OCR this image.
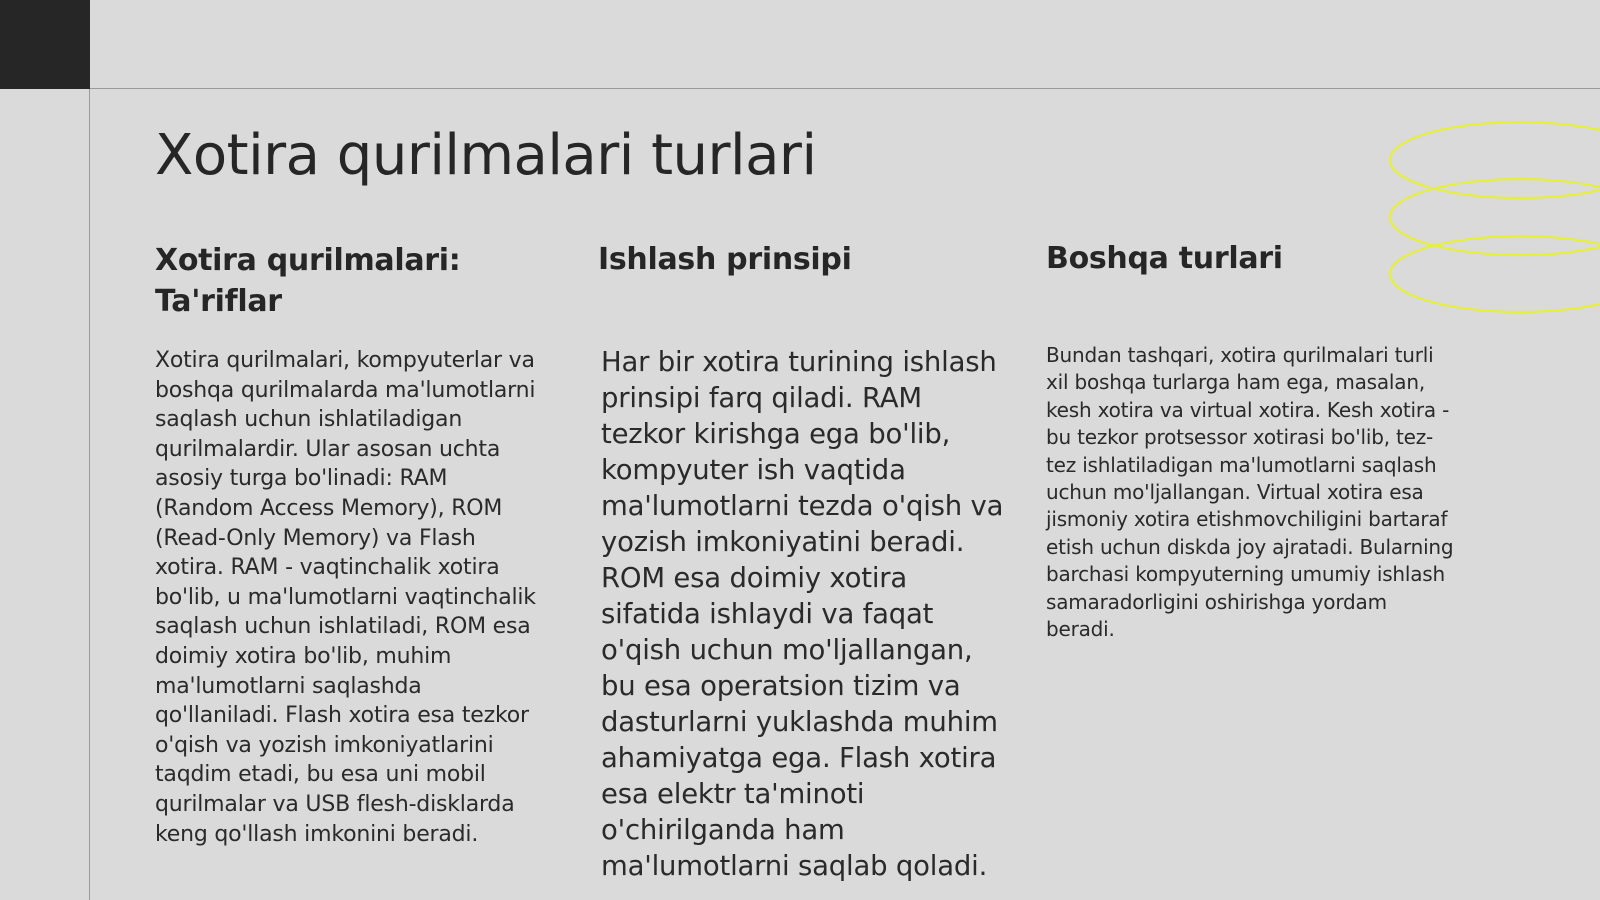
Xotira qurilmalari turlari
Xotira qurilmalari: Ta'riflar

Xotira qurilmalari, kompyuterlar va boshqa qurilmalarda ma'lumotlarni saqlash uchun ishlatiladigan qurilmalardir. Ular asosan uchta asosiy turga bo'linadi: RAM (Random Access Memory), ROM (Read-Only Memory) va Flash xotira. RAM - vaqtinchalik xotira bo'lib, u ma'lumotlarni vaqtinchalik saqlash uchun ishlatiladi, ROM esa doimiy xotira bo'lib, muhim ma'lumotlarni saqlashda qo'llaniladi. Flash xotira esa tezkor o'qish va yozish imkoniyatlarini taqdim etadi, bu esa uni mobil qurilmalar va USB flesh-disklarda keng qo'llash imkonini beradi.

Ishlash prinsipi

Har bir xotira turining ishlash prinsipi farq qiladi. RAM tezkor kirishga ega bo'lib, kompyuter ish vaqtida ma'lumotlarni tezda o'qish va yozish imkoniyatini beradi. ROM esa doimiy xotira sifatida ishlaydi va faqat o'qish uchun mo'ljallangan, bu esa operatsion tizim va dasturlarni yuklashda muhim ahamiyatga ega. Flash xotira esa elektr ta'minoti o'chirilganda ham ma'lumotlarni saqlab qoladi.

Boshqa turlari

Bundan tashqari, xotira qurilmalari turli xil boshqa turlarga ham ega, masalan, kesh xotira va virtual xotira. Kesh xotira - bu tezkor protsessor xotirasi bo'lib, tez-tez ishlatiladigan ma'lumotlarni saqlash uchun mo'ljallangan. Virtual xotira esa jismoniy xotira etishmovchiligini bartaraf etish uchun diskda joy ajratadi. Bularning barchasi kompyuterning umumiy ishlash samaradorligini oshirishga yordam beradi.
